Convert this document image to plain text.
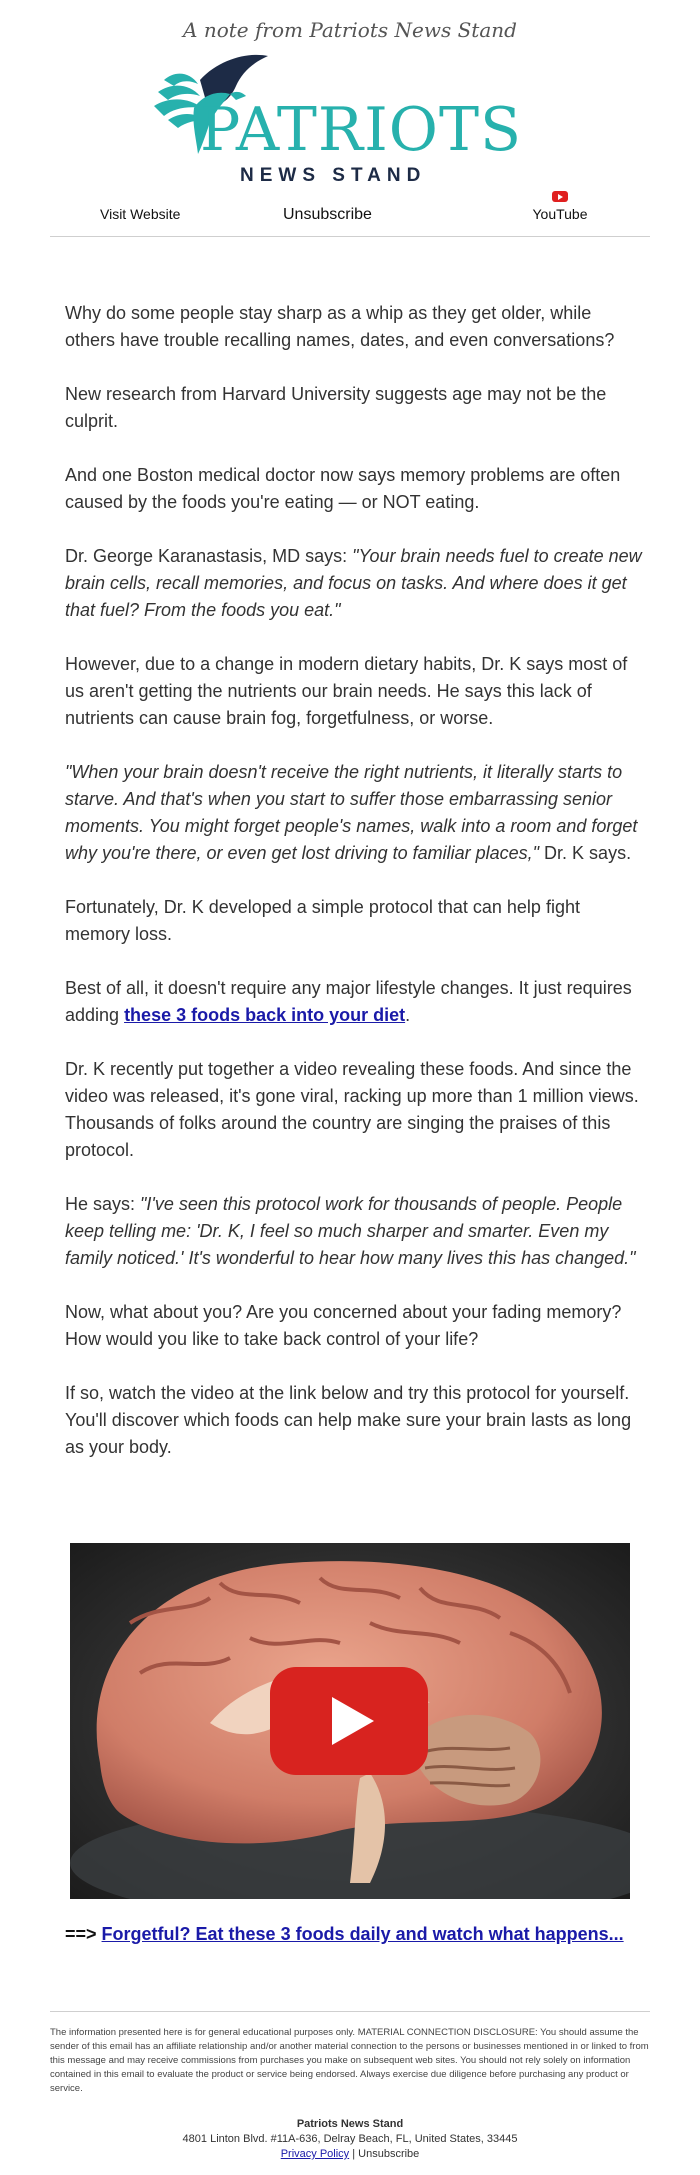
A note from Patriots News Stand
PATRIOTS
NEWS STAND
Visit Website	Unsubscribe	YouTube

Why do some people stay sharp as a whip as they get older, while others have trouble recalling names, dates, and even conversations?

New research from Harvard University suggests age may not be the culprit.

And one Boston medical doctor now says memory problems are often caused by the foods you're eating — or NOT eating.

Dr. George Karanastasis, MD says: "Your brain needs fuel to create new brain cells, recall memories, and focus on tasks. And where does it get that fuel? From the foods you eat."

However, due to a change in modern dietary habits, Dr. K says most of us aren't getting the nutrients our brain needs. He says this lack of nutrients can cause brain fog, forgetfulness, or worse.

"When your brain doesn't receive the right nutrients, it literally starts to starve. And that's when you start to suffer those embarrassing senior moments. You might forget people's names, walk into a room and forget why you're there, or even get lost driving to familiar places," Dr. K says.

Fortunately, Dr. K developed a simple protocol that can help fight memory loss.

Best of all, it doesn't require any major lifestyle changes. It just requires adding these 3 foods back into your diet.

Dr. K recently put together a video revealing these foods. And since the video was released, it's gone viral, racking up more than 1 million views. Thousands of folks around the country are singing the praises of this protocol.

He says: "I've seen this protocol work for thousands of people. People keep telling me: 'Dr. K, I feel so much sharper and smarter. Even my family noticed.' It's wonderful to hear how many lives this has changed."

Now, what about you? Are you concerned about your fading memory? How would you like to take back control of your life?

If so, watch the video at the link below and try this protocol for yourself. You'll discover which foods can help make sure your brain lasts as long as your body.

==> Forgetful? Eat these 3 foods daily and watch what happens...
The information presented here is for general educational purposes only. MATERIAL CONNECTION DISCLOSURE: You should assume the sender of this email has an affiliate relationship and/or another material connection to the persons or businesses mentioned in or linked to from this message and may receive commissions from purchases you make on subsequent web sites. You should not rely solely on information contained in this email to evaluate the product or service being endorsed. Always exercise due diligence before purchasing any product or service.
Patriots News Stand
4801 Linton Blvd. #11A-636, Delray Beach, FL, United States, 33445
Privacy Policy | Unsubscribe
